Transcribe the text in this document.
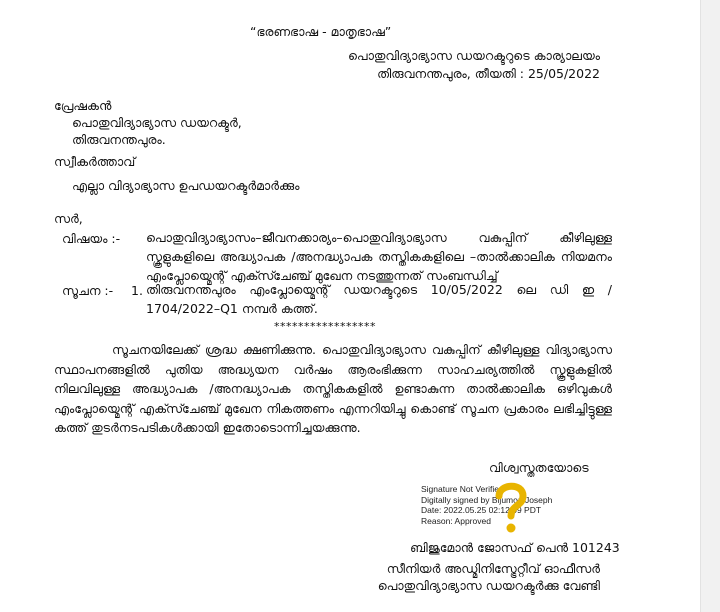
“ഭരണഭാഷ - മാതൃഭാഷ”
പൊതുവിദ്യാഭ്യാസ ഡയറക്ടറുടെ കാര്യാലയം
തിരുവനന്തപുരം, തീയതി : 25/05/2022
പ്രേഷകൻ
പൊതുവിദ്യാഭ്യാസ ഡയറക്ടർ,
തിരുവനന്തപുരം.
സ്വീകർത്താവ്
എല്ലാ വിദ്യാഭ്യാസ ഉപഡയറക്ടർമാർക്കും
സർ,
വിഷയം :- പൊതുവിദ്യാഭ്യാസം–ജീവനക്കാര്യം–പൊതുവിദ്യാഭ്യാസ വകുപ്പിന് കീഴിലുള്ള സ്കൂളുകളിലെ അദ്ധ്യാപക /അനദ്ധ്യാപക തസ്തികകളിലെ –താൽക്കാലിക നിയമനം എംപ്ലോയ്മെന്റ് എക്സ്ചേഞ്ച് മുഖേന നടത്തുന്നത് സംബന്ധിച്ച്
സൂചന :- 1. തിരുവനന്തപുരം എംപ്ലോയ്മെന്റ് ഡയറക്ടറുടെ 10/05/2022 ലെ ഡി ഇ / 1704/2022–Q1 നമ്പർ കത്ത്.
*****************
സൂചനയിലേക്ക് ശ്രദ്ധ ക്ഷണിക്കുന്നു. പൊതുവിദ്യാഭ്യാസ വകുപ്പിന് കീഴിലുള്ള വിദ്യാഭ്യാസ സ്ഥാപനങ്ങളിൽ പുതിയ അദ്ധ്യയന വർഷം ആരംഭിക്കുന്ന സാഹചര്യത്തിൽ സ്കൂളുകളിൽ നിലവിലുള്ള അദ്ധ്യാപക /അനദ്ധ്യാപക തസ്തികകളിൽ ഉണ്ടാകുന്ന താൽക്കാലിക ഒഴിവുകൾ എംപ്ലോയ്മെന്റ് എക്സ്ചേഞ്ച് മുഖേന നികത്തണം എന്നറിയിച്ചു കൊണ്ട് സൂചന പ്രകാരം ലഭിച്ചിട്ടുള്ള കത്ത് തുടർനടപടികൾക്കായി ഇതോടൊന്നിച്ചയക്കുന്നു.
വിശ്വസ്തതയോടെ
Signature Not Verified
Digitally signed by Bijumon Joseph
Date: 2022.05.25 02:12:09 PDT
Reason: Approved
ബിജുമോൻ ജോസഫ് പെൻ 101243
സീനിയർ അഡ്മിനിസ്ട്രേറ്റീവ് ഓഫീസർ
പൊതുവിദ്യാഭ്യാസ ഡയറക്ടർക്കു വേണ്ടി
